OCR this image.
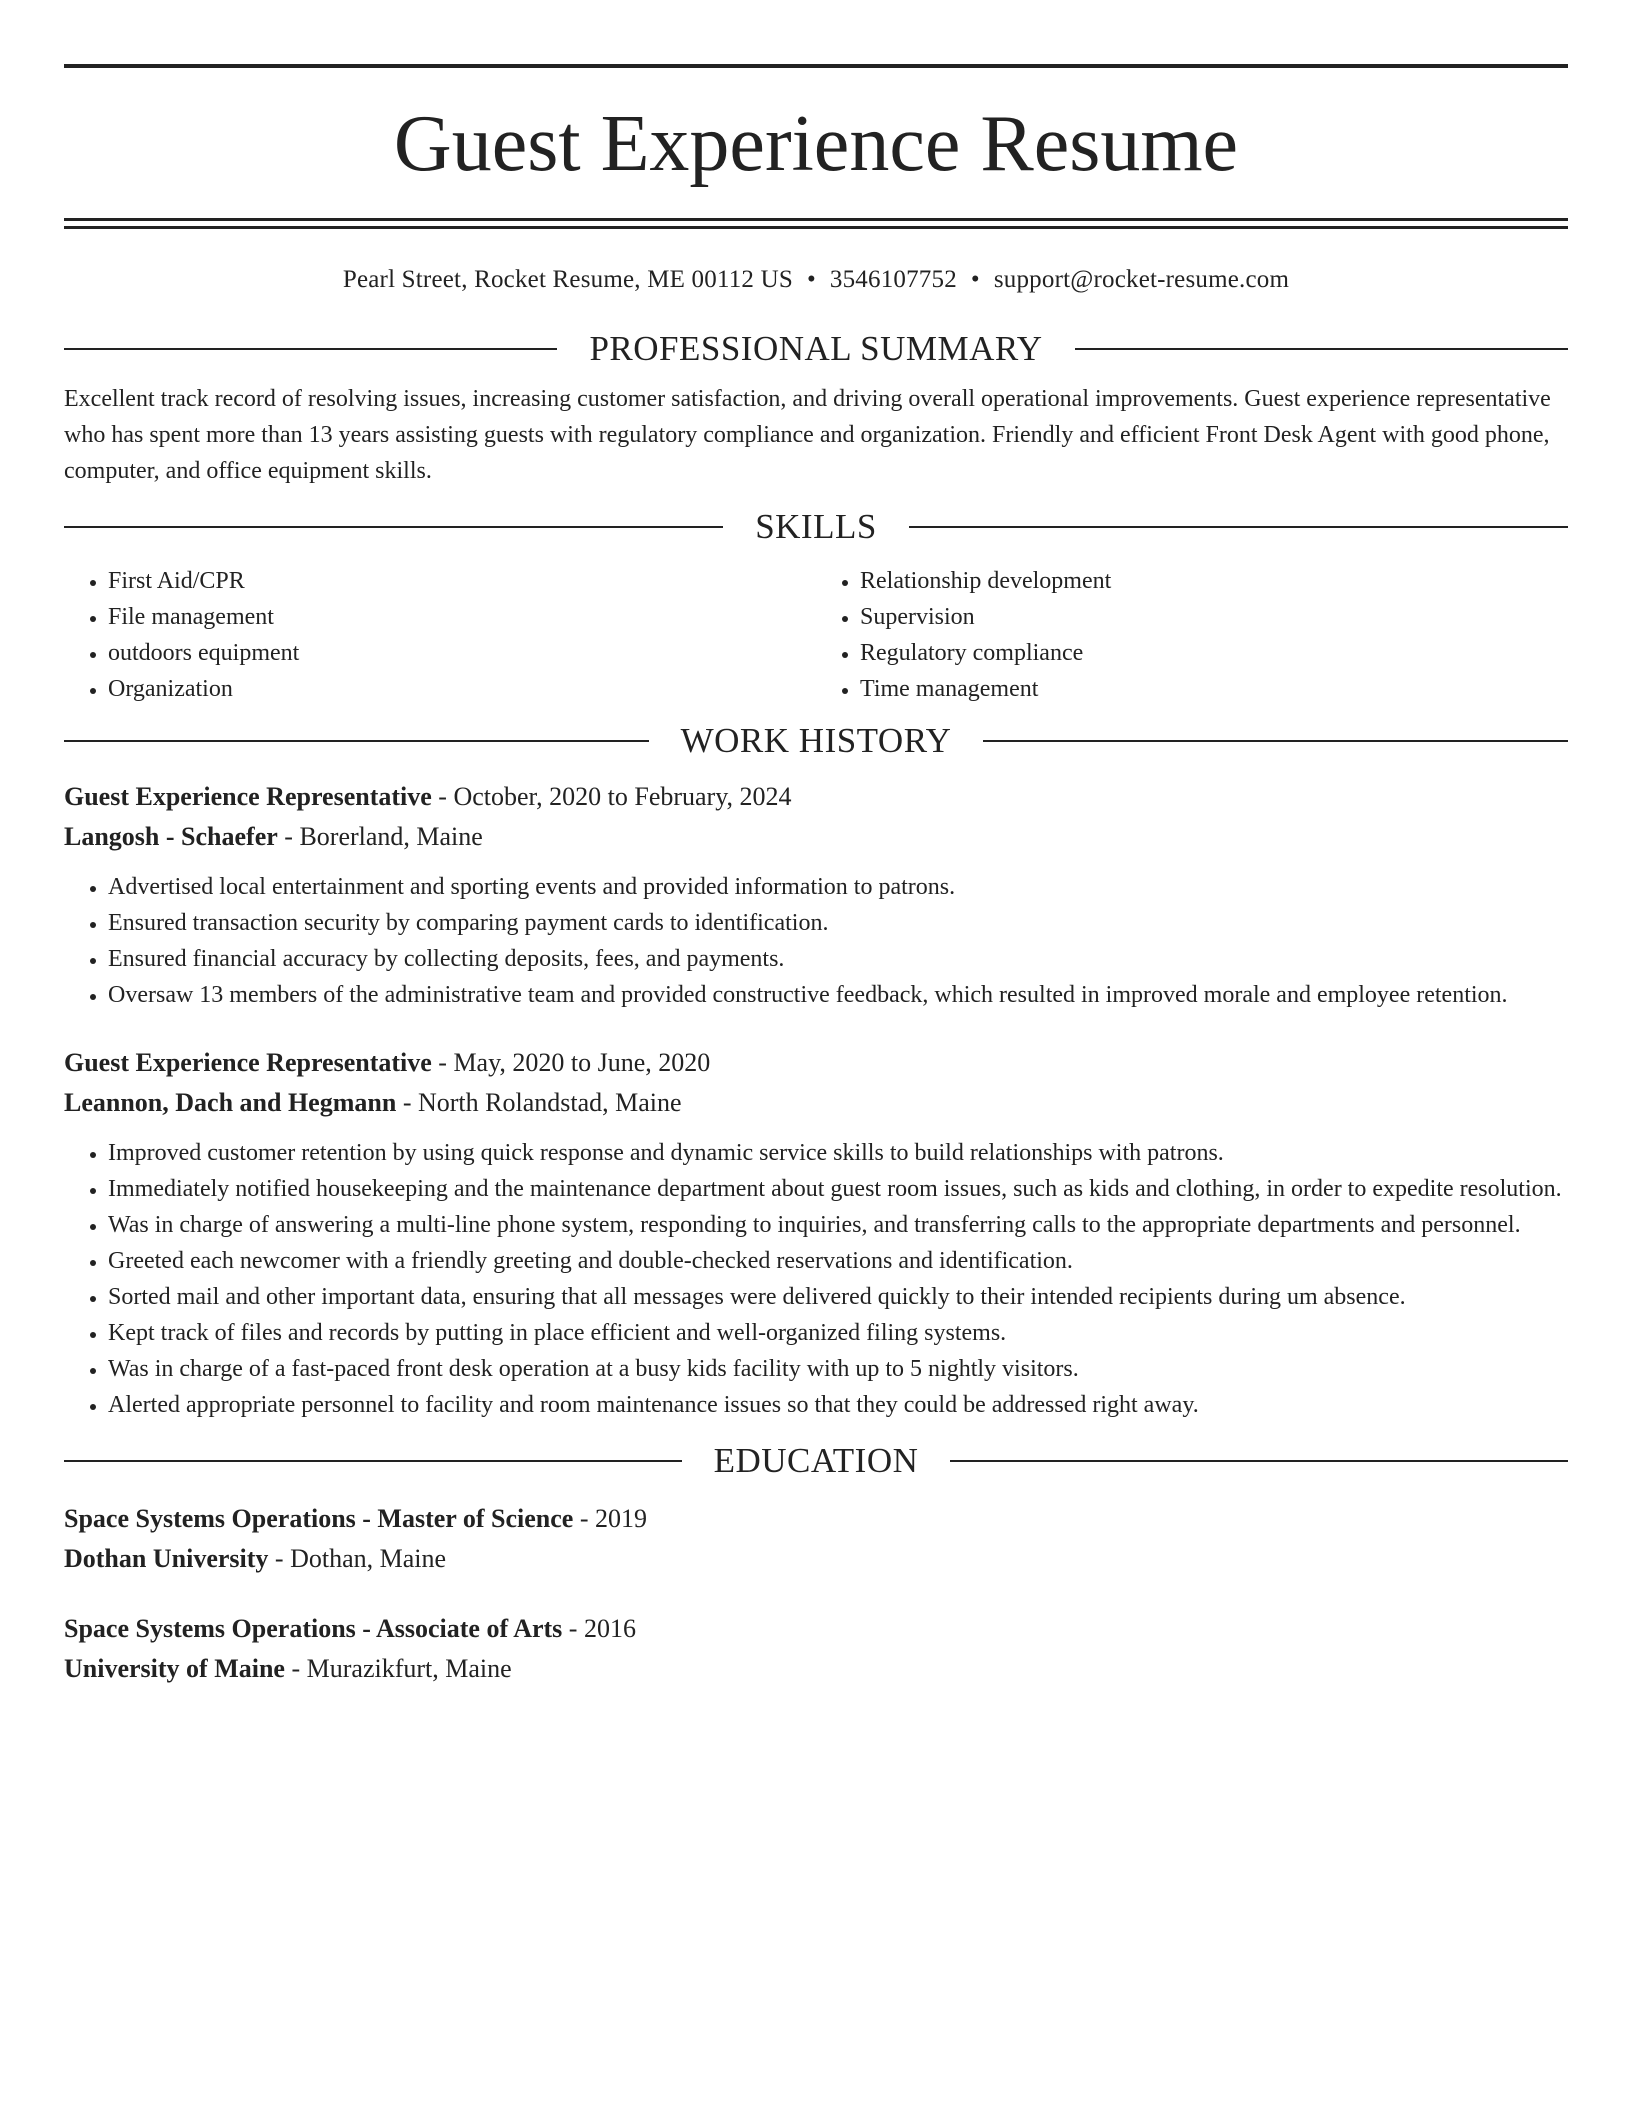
Guest Experience Resume
Pearl Street, Rocket Resume, ME 00112 US • 3546107752 • support@rocket-resume.com
PROFESSIONAL SUMMARY
Excellent track record of resolving issues, increasing customer satisfaction, and driving overall operational improvements. Guest experience representative who has spent more than 13 years assisting guests with regulatory compliance and organization. Friendly and efficient Front Desk Agent with good phone, computer, and office equipment skills.
SKILLS
• First Aid/CPR
• File management
• outdoors equipment
• Organization
• Relationship development
• Supervision
• Regulatory compliance
• Time management
WORK HISTORY
Guest Experience Representative - October, 2020 to February, 2024
Langosh - Schaefer - Borerland, Maine
• Advertised local entertainment and sporting events and provided information to patrons.
• Ensured transaction security by comparing payment cards to identification.
• Ensured financial accuracy by collecting deposits, fees, and payments.
• Oversaw 13 members of the administrative team and provided constructive feedback, which resulted in improved morale and employee retention.
Guest Experience Representative - May, 2020 to June, 2020
Leannon, Dach and Hegmann - North Rolandstad, Maine
• Improved customer retention by using quick response and dynamic service skills to build relationships with patrons.
• Immediately notified housekeeping and the maintenance department about guest room issues, such as kids and clothing, in order to expedite resolution.
• Was in charge of answering a multi-line phone system, responding to inquiries, and transferring calls to the appropriate departments and personnel.
• Greeted each newcomer with a friendly greeting and double-checked reservations and identification.
• Sorted mail and other important data, ensuring that all messages were delivered quickly to their intended recipients during um absence.
• Kept track of files and records by putting in place efficient and well-organized filing systems.
• Was in charge of a fast-paced front desk operation at a busy kids facility with up to 5 nightly visitors.
• Alerted appropriate personnel to facility and room maintenance issues so that they could be addressed right away.
EDUCATION
Space Systems Operations - Master of Science - 2019
Dothan University - Dothan, Maine
Space Systems Operations - Associate of Arts - 2016
University of Maine - Murazikfurt, Maine
